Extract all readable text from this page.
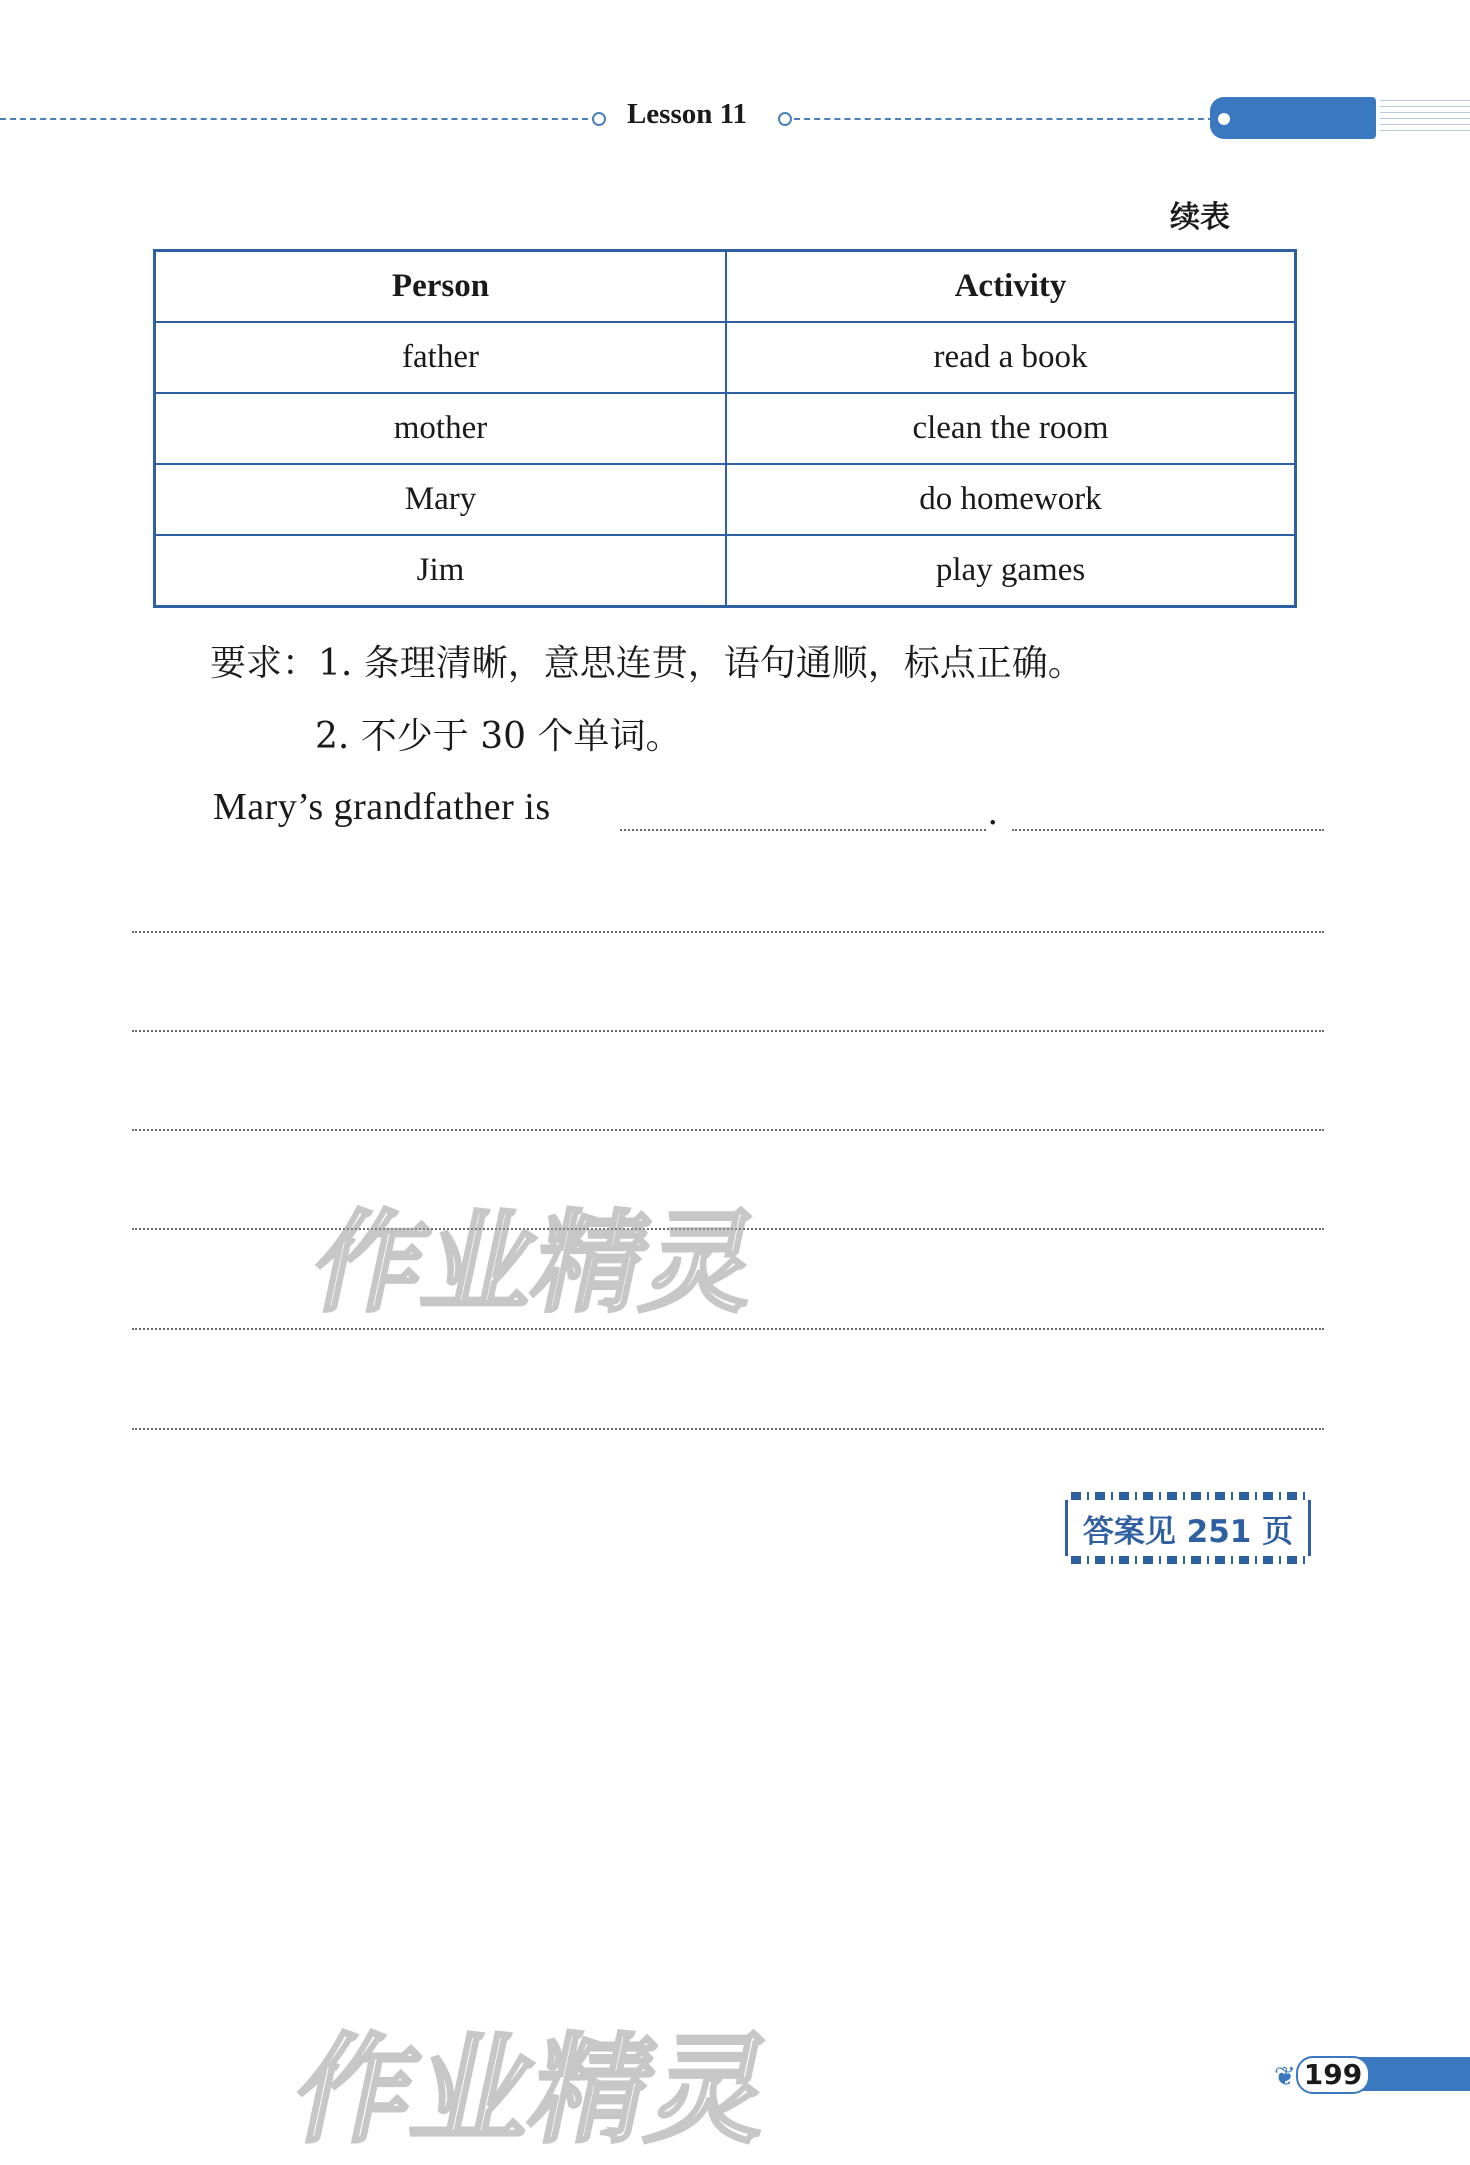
Lesson 11
续表
Person	Activity
father	read a book
mother	clean the room
Mary	do homework
Jim	play games
要求：1. 条理清晰，意思连贯，语句通顺，标点正确。
2. 不少于 30 个单词。
Mary’s grandfather is	.
答案见 251 页
作业精灵
作业精灵	❦ 199
